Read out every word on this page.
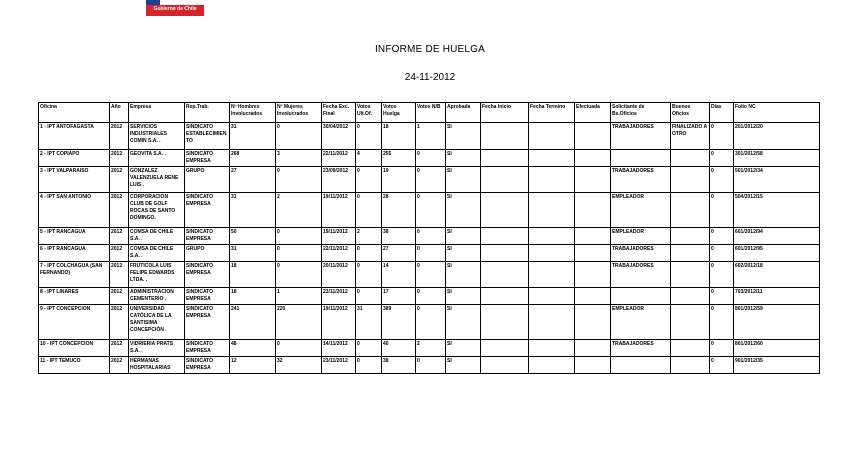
Gobierno de Chile
INFORME DE HUELGA
24-11-2012
Oficina	Año	Empresa	Rep.Trab.	Nº Hombres Involucrados	Nº Mujeres Involucrados	Fecha Exc. Final	Votos Ult.Of.	Votos Huelga	Votos N/B	Aprobada	Fecha Inicio	Fecha Termino	Efectuada	Solicitante de Bs.Oficios	Buenos Oficios	Días	Folio NC
1 - IPT ANTOFAGASTA	2012	SERVICIOS INDUSTRIALES COMIN S.A. .	SINDICATO ESTABLECIMIENTO	31	0	30/04/2012	0	18	1	SI				TRABAJADORES	FINALIZADO A OTRO	0	201/2012/20
2 - IPT COPIAPO	2012	GEOVITA S.A. .	SINDICATO EMPRESA	268	3	22/11/2012	4	255	0	SI						0	301/2012/58
3 - IPT VALPARAISO	2012	GONZALEZ VALENZUELA RENE LUIS .	GRUPO	27	0	23/09/2012	0	19	0	SI				TRABAJADORES		0	501/2012/34
4 - IPT SAN ANTONIO	2012	CORPORACION CLUB DE GOLF ROCAS DE SANTO DOMINGO.	SINDICATO EMPRESA	31	2	19/11/2012	0	28	0	SI				EMPLEADOR		0	504/2012/15
5 - IPT RANCAGUA	2012	COMSA DE CHILE S.A. .	SINDICATO EMPRESA	50	0	19/11/2012	2	38	0	SI				EMPLEADOR		0	601/2012/94
6 - IPT RANCAGUA	2012	COMSA DE CHILE S.A. .	GRUPO	31	0	22/11/2012	0	27	0	SI				TRABAJADORES		0	601/2012/95
7 - IPT COLCHAGUA (SAN FERNANDO)	2012	FRUTICOLA LUIS FELIPE EDWARDS LTDA. .	SINDICATO EMPRESA	18	0	20/11/2012	0	14	0	SI				TRABAJADORES		0	602/2012/18
8 - IPT LINARES	2012	ADMINISTRACION CEMENTERIO .	SINDICATO EMPRESA	18	1	22/11/2012	0	17	0	SI						0	703/2012/11
9 - IPT CONCEPCION	2012	UNIVERSIDAD CATÓLICA DE LA SANTISIMA CONCEPCIÓN .	SINDICATO EMPRESA	241	220	19/11/2012	31	389	0	SI				EMPLEADOR		0	801/2012/59
10 - IPT CONCEPCION	2012	VIDRIERIA PRATS S.A. .	SINDICATO EMPRESA	48	0	14/11/2012	0	40	2	SI				TRABAJADORES		0	801/2012/60
11 - IPT TEMUCO	2012	HERMANAS HOSPITALARIAS	SINDICATO EMPRESA	12	32	23/11/2012	0	38	0	SI						0	901/2012/35
